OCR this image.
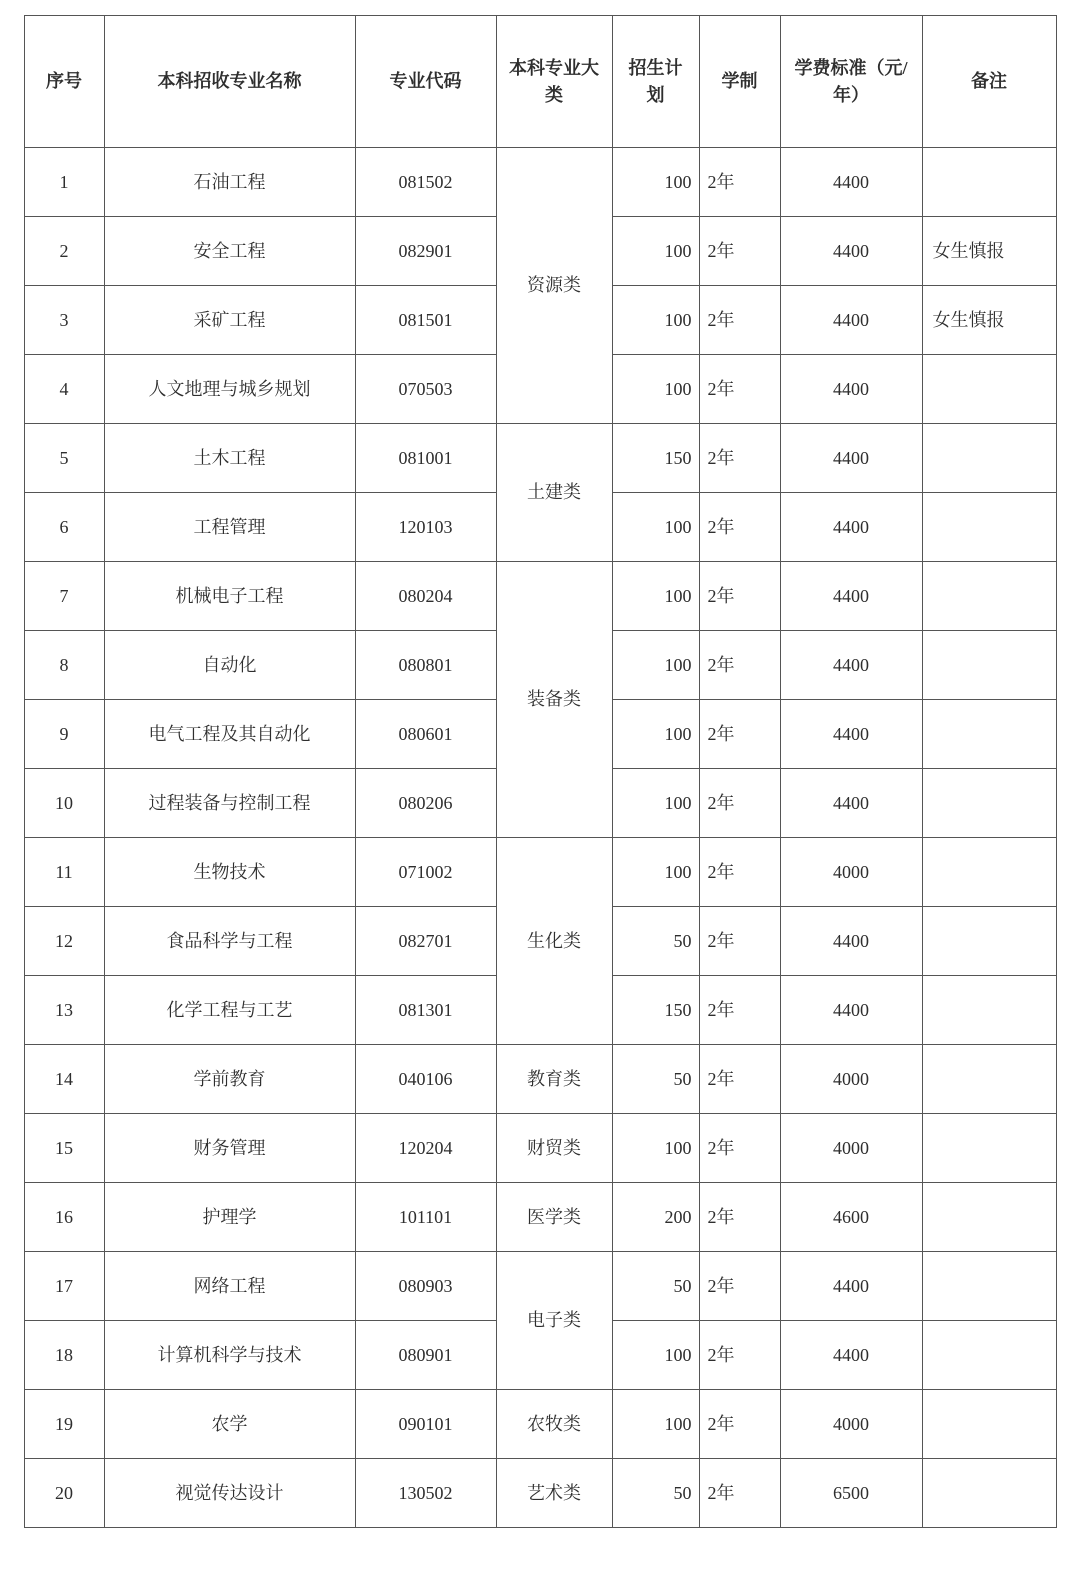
序号	本科招收专业名称	专业代码	本科专业大类	招生计划	学制	学费标准（元/年）	备注
1	石油工程	081502	资源类	100	2年	4400	
2	安全工程	082901		100	2年	4400	女生慎报
3	采矿工程	081501		100	2年	4400	女生慎报
4	人文地理与城乡规划	070503		100	2年	4400	
5	土木工程	081001	土建类	150	2年	4400	
6	工程管理	120103		100	2年	4400	
7	机械电子工程	080204	装备类	100	2年	4400	
8	自动化	080801		100	2年	4400	
9	电气工程及其自动化	080601		100	2年	4400	
10	过程装备与控制工程	080206		100	2年	4400	
11	生物技术	071002	生化类	100	2年	4000	
12	食品科学与工程	082701		50	2年	4400	
13	化学工程与工艺	081301		150	2年	4400	
14	学前教育	040106	教育类	50	2年	4000	
15	财务管理	120204	财贸类	100	2年	4000	
16	护理学	101101	医学类	200	2年	4600	
17	网络工程	080903	电子类	50	2年	4400	
18	计算机科学与技术	080901		100	2年	4400	
19	农学	090101	农牧类	100	2年	4000	
20	视觉传达设计	130502	艺术类	50	2年	6500	
